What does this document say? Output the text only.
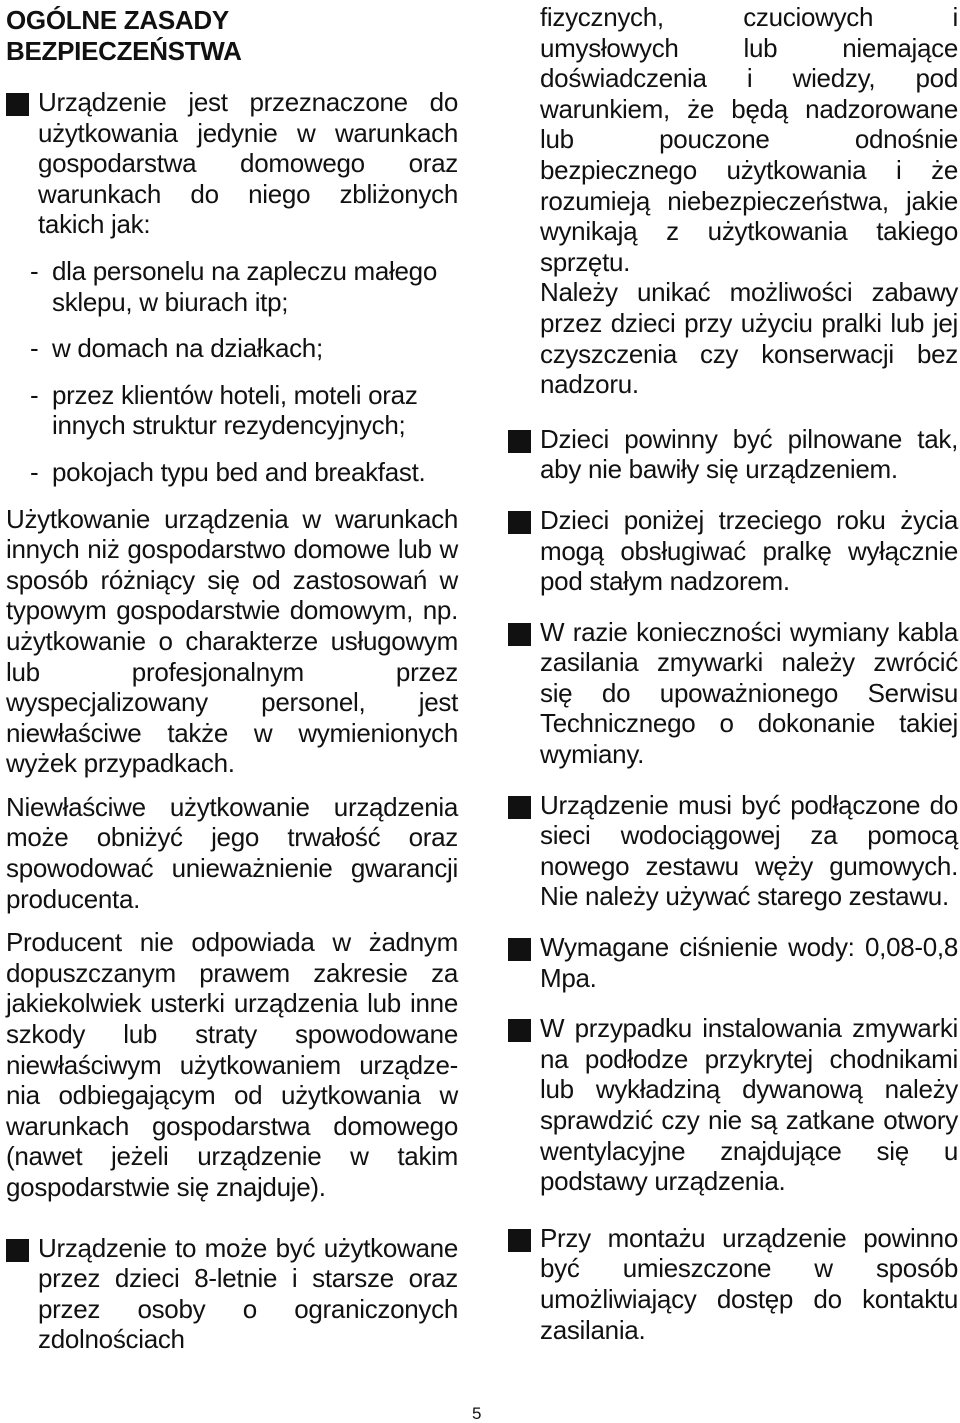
OGÓLNE ZASADY BEZPIECZEŃSTWA

Urządzenie jest przeznaczone do użytkowania jedynie w warunkach gospodarstwa domowego oraz warunkach do niego zbliżonych takich jak:

- dla personelu na zapleczu małego sklepu, w biurach itp;

- w domach na działkach;

- przez klientów hoteli, moteli oraz innych struktur rezydencyjnych;

- pokojach typu bed and breakfast.

Użytkowanie urządzenia w warunkach innych niż gospodarstwo domowe lub w sposób różniący się od zastosowań w typowym gospodarstwie domowym, np. użytkowanie o charakterze usługowym lub profesjonalnym przez wyspecjalizowany personel, jest niewłaściwe także w wymienionych wyżek przypadkach.

Niewłaściwe użytkowanie urządzenia może obniżyć jego trwałość oraz spowodować unieważnienie gwarancji producenta.

Producent nie odpowiada w żadnym dopuszczanym prawem zakresie za jakiekolwiek usterki urządzenia lub inne szkody lub straty spowodowane niewłaściwym użytkowaniem urządze-nia odbiegającym od użytkowania w warunkach gospodarstwa domowego (nawet jeżeli urządzenie w takim gospodarstwie się znajduje).

Urządzenie to może być użytkowane przez dzieci 8-letnie i starsze oraz przez osoby o ograniczonych zdolnościach

fizycznych, czuciowych i umysłowych lub niemające doświadczenia i wiedzy, pod warunkiem, że będą nadzorowane lub pouczone odnośnie bezpiecznego użytkowania i że rozumieją niebezpieczeństwa, jakie wynikają z użytkowania takiego sprzętu.

Należy unikać możliwości zabawy przez dzieci przy użyciu pralki lub jej czyszczenia czy konserwacji bez nadzoru.

Dzieci powinny być pilnowane tak, aby nie bawiły się urządzeniem.

Dzieci poniżej trzeciego roku życia mogą obsługiwać pralkę wyłącznie pod stałym nadzorem.

W razie konieczności wymiany kabla zasilania zmywarki należy zwrócić się do upoważnionego Serwisu Technicznego o dokonanie takiej wymiany.

Urządzenie musi być podłączone do sieci wodociągowej za pomocą nowego zestawu węży gumowych. Nie należy używać starego zestawu.

Wymagane ciśnienie wody: 0,08-0,8 Mpa.

W przypadku instalowania zmywarki na podłodze przykrytej chodnikami lub wykładziną dywanową należy sprawdzić czy nie są zatkane otwory wentylacyjne znajdujące się u podstawy urządzenia.

Przy montażu urządzenie powinno być umieszczone w sposób umożliwiający dostęp do kontaktu zasilania.

5
